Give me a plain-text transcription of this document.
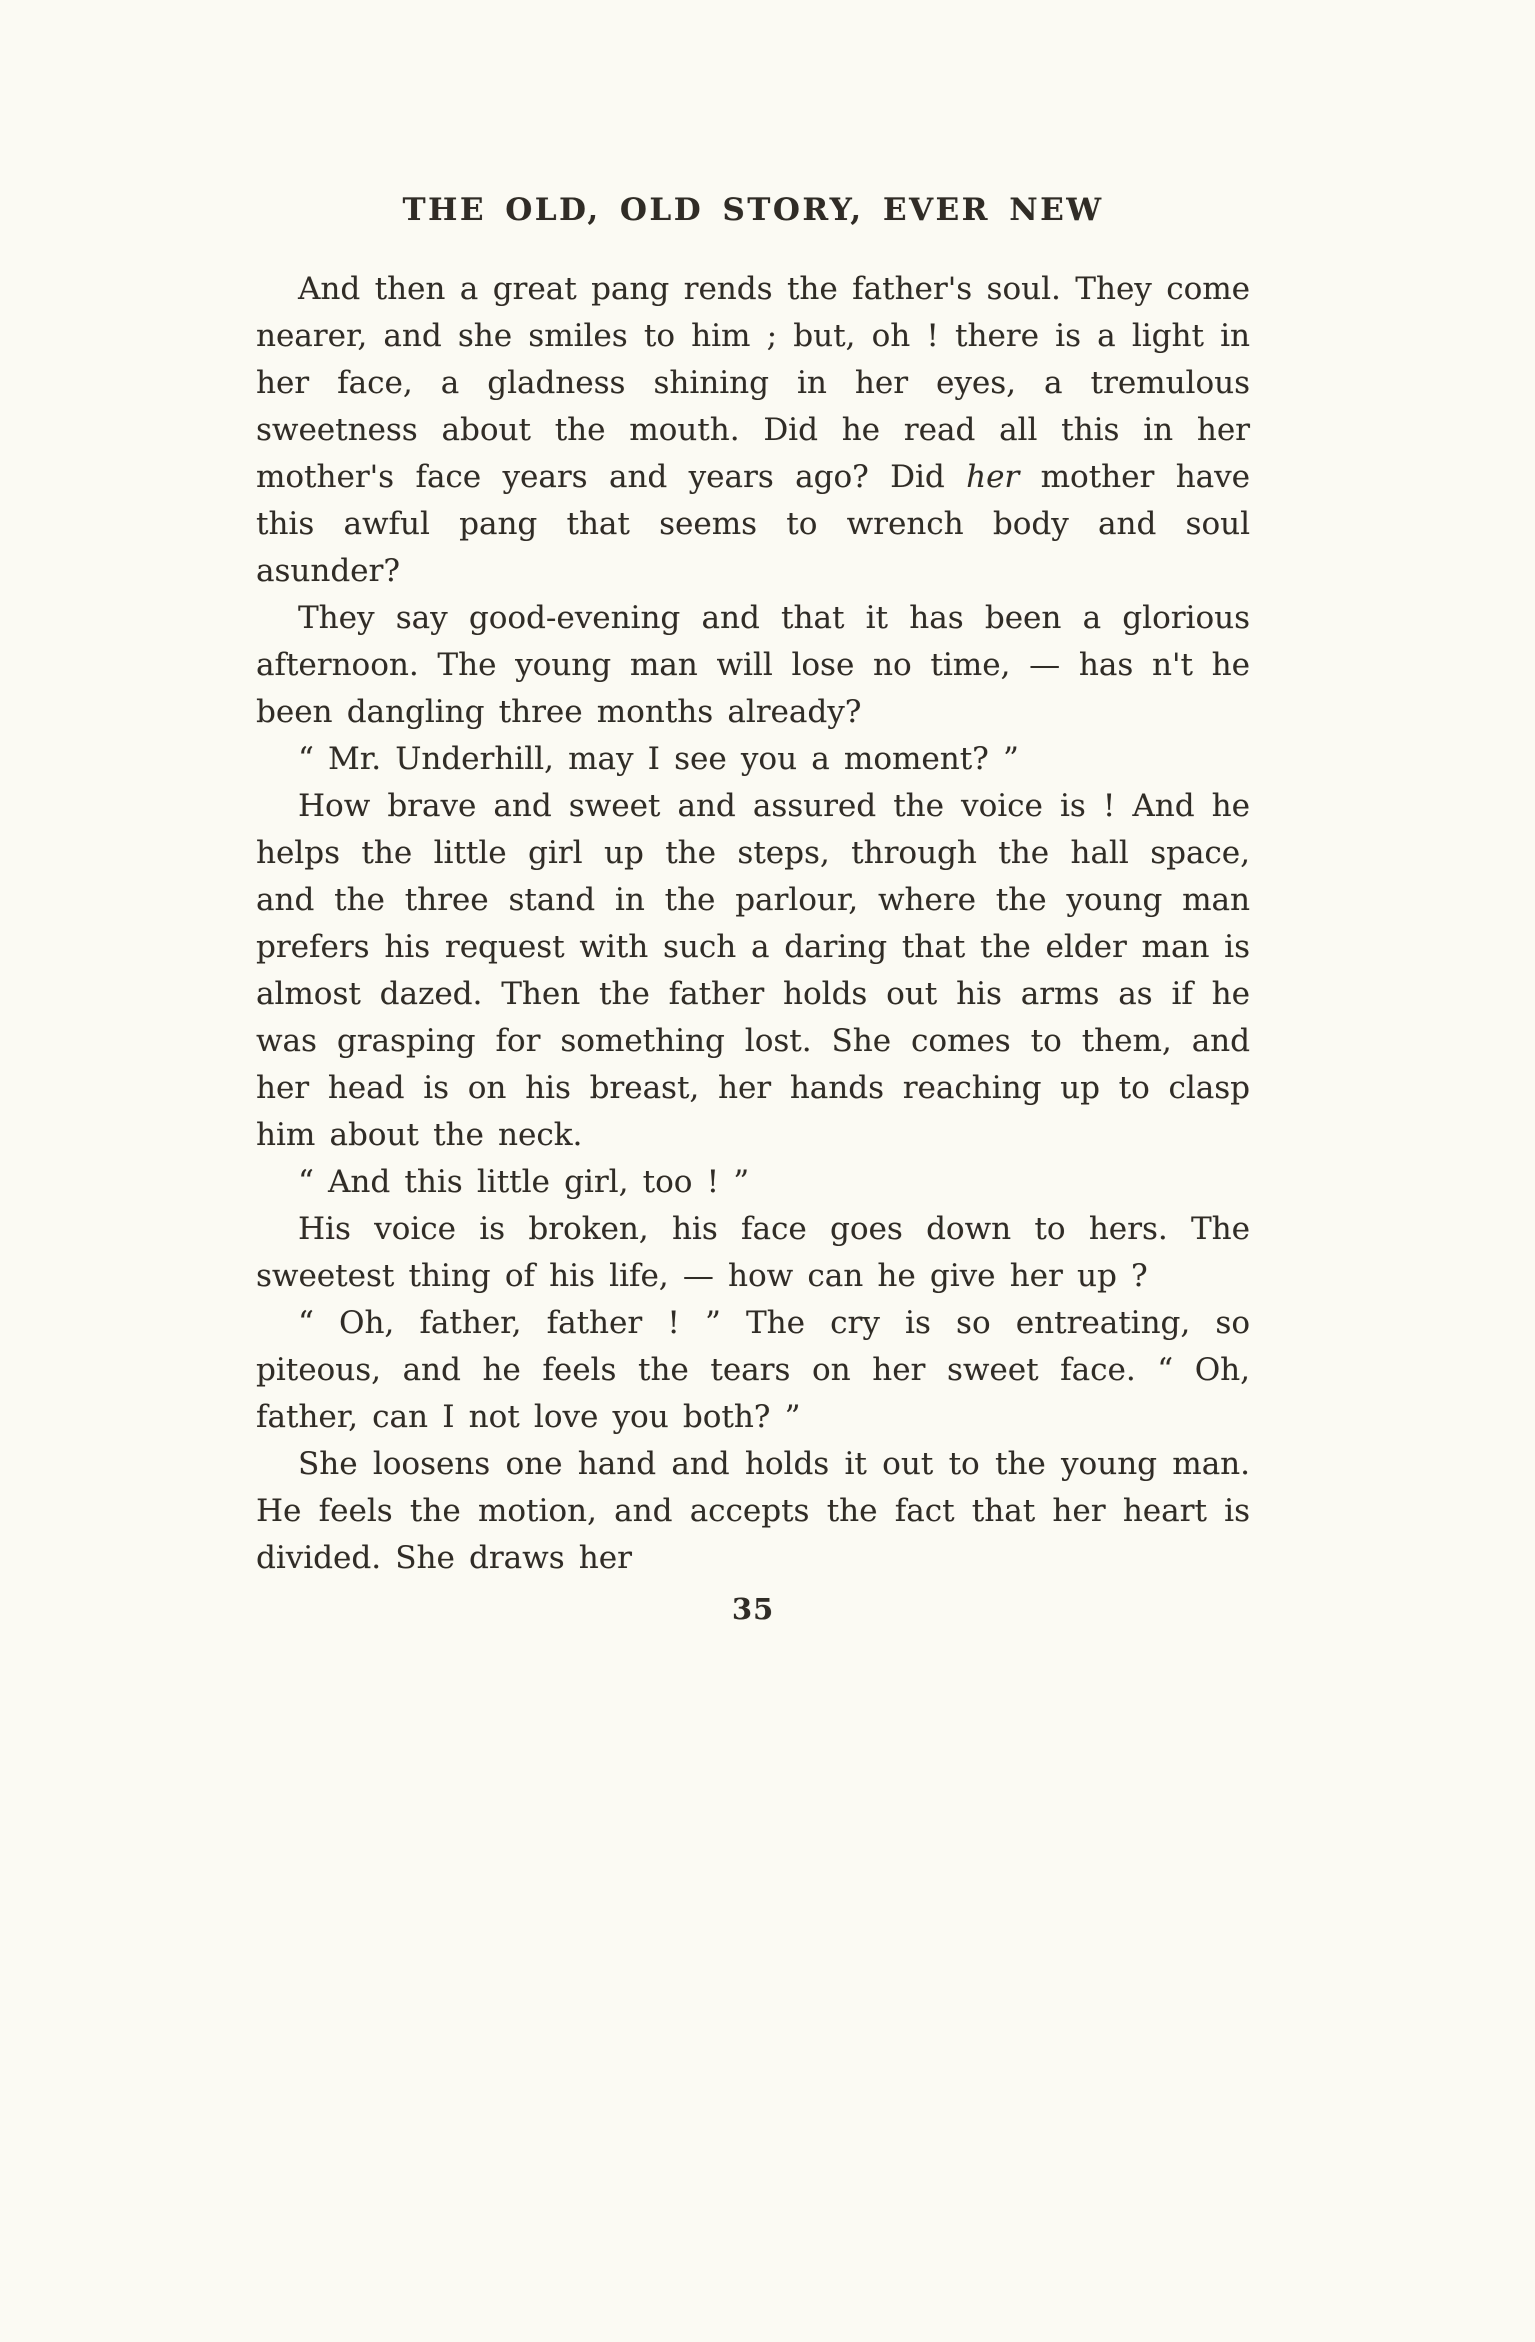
THE OLD, OLD STORY, EVER NEW

And then a great pang rends the father's soul. They come nearer, and she smiles to him ; but, oh ! there is a light in her face, a gladness shining in her eyes, a tremulous sweetness about the mouth. Did he read all this in her mother's face years and years ago? Did her mother have this awful pang that seems to wrench body and soul asunder?

They say good-evening and that it has been a glorious afternoon. The young man will lose no time, — has n't he been dangling three months already?

“ Mr. Underhill, may I see you a moment? ”

How brave and sweet and assured the voice is ! And he helps the little girl up the steps, through the hall space, and the three stand in the parlour, where the young man prefers his request with such a daring that the elder man is almost dazed. Then the father holds out his arms as if he was grasping for something lost. She comes to them, and her head is on his breast, her hands reaching up to clasp him about the neck.

“ And this little girl, too ! ”

His voice is broken, his face goes down to hers. The sweetest thing of his life, — how can he give her up ?

“ Oh, father, father ! ” The cry is so entreating, so piteous, and he feels the tears on her sweet face. “ Oh, father, can I not love you both? ”

She loosens one hand and holds it out to the young man. He feels the motion, and accepts the fact that her heart is divided. She draws her

35
